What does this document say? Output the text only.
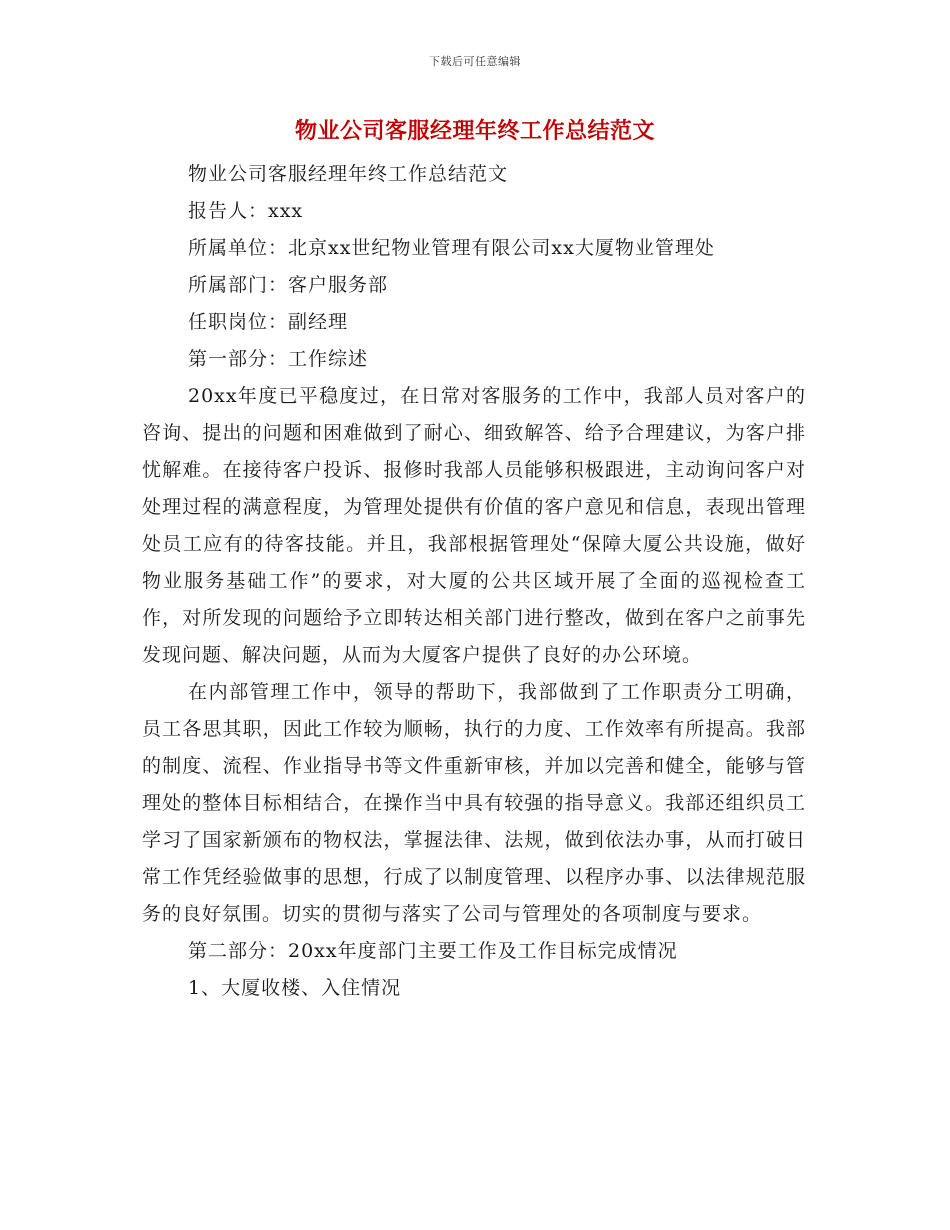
下载后可任意编辑
物业公司客服经理年终工作总结范文

物业公司客服经理年终工作总结范文

报告人：xxx

所属单位：北京xx世纪物业管理有限公司xx大厦物业管理处

所属部门：客户服务部

任职岗位：副经理

第一部分：工作综述

20xx年度已平稳度过，在日常对客服务的工作中，我部人员对客户的咨询、提出的问题和困难做到了耐心、细致解答、给予合理建议，为客户排忧解难。在接待客户投诉、报修时我部人员能够积极跟进，主动询问客户对处理过程的满意程度，为管理处提供有价值的客户意见和信息，表现出管理处员工应有的待客技能。并且，我部根据管理处“保障大厦公共设施，做好物业服务基础工作”的要求，对大厦的公共区域开展了全面的巡视检查工作，对所发现的问题给予立即转达相关部门进行整改，做到在客户之前事先发现问题、解决问题，从而为大厦客户提供了良好的办公环境。

在内部管理工作中，领导的帮助下，我部做到了工作职责分工明确，员工各思其职，因此工作较为顺畅，执行的力度、工作效率有所提高。我部的制度、流程、作业指导书等文件重新审核，并加以完善和健全，能够与管理处的整体目标相结合，在操作当中具有较强的指导意义。我部还组织员工学习了国家新颁布的物权法，掌握法律、法规，做到依法办事，从而打破日常工作凭经验做事的思想，行成了以制度管理、以程序办事、以法律规范服务的良好氛围。切实的贯彻与落实了公司与管理处的各项制度与要求。

第二部分：20xx年度部门主要工作及工作目标完成情况

1、大厦收楼、入住情况
